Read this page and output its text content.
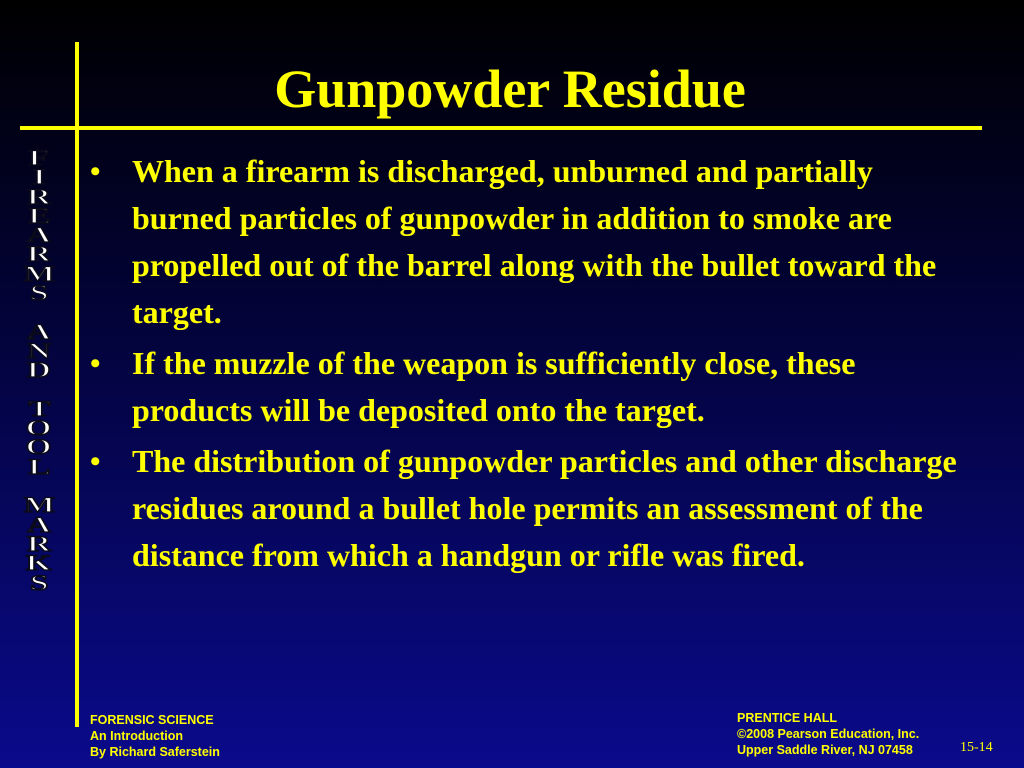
Gunpowder Residue
F
I
R
E
A
R
M
S
A
N
D
T
O
O
L
M
A
R
K
S
• When a firearm is discharged, unburned and partially burned particles of gunpowder in addition to smoke are propelled out of the barrel along with the bullet toward the target.
• If the muzzle of the weapon is sufficiently close, these products will be deposited onto the target.
• The distribution of gunpowder particles and other discharge residues around a bullet hole permits an assessment of the distance from which a handgun or rifle was fired.
FORENSIC SCIENCE
An Introduction
By Richard Saferstein
PRENTICE HALL
©2008 Pearson Education, Inc.
Upper Saddle River, NJ 07458	15-14
